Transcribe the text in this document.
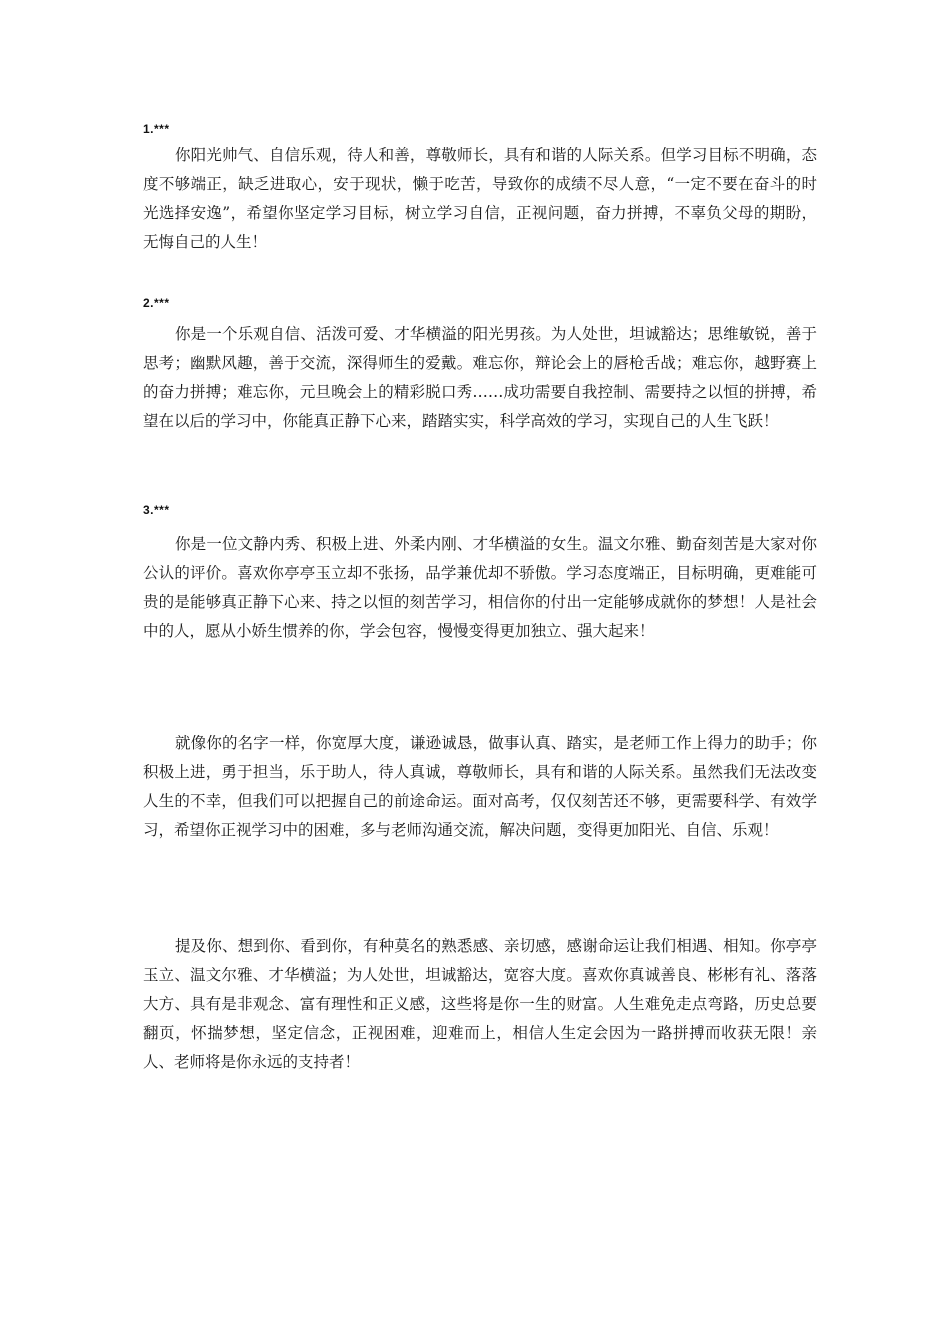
1.***

你阳光帅气、自信乐观，待人和善，尊敬师长，具有和谐的人际关系。但学习目标不明确，态度不够端正，缺乏进取心，安于现状，懒于吃苦，导致你的成绩不尽人意，“一定不要在奋斗的时光选择安逸”，希望你坚定学习目标，树立学习自信，正视问题，奋力拼搏，不辜负父母的期盼，无悔自己的人生！

2.***

你是一个乐观自信、活泼可爱、才华横溢的阳光男孩。为人处世，坦诚豁达；思维敏锐，善于思考；幽默风趣，善于交流，深得师生的爱戴。难忘你，辩论会上的唇枪舌战；难忘你，越野赛上的奋力拼搏；难忘你，元旦晚会上的精彩脱口秀……成功需要自我控制、需要持之以恒的拼搏，希望在以后的学习中，你能真正静下心来，踏踏实实，科学高效的学习，实现自己的人生飞跃！

3.***

你是一位文静内秀、积极上进、外柔内刚、才华横溢的女生。温文尔雅、勤奋刻苦是大家对你公认的评价。喜欢你亭亭玉立却不张扬，品学兼优却不骄傲。学习态度端正，目标明确，更难能可贵的是能够真正静下心来、持之以恒的刻苦学习，相信你的付出一定能够成就你的梦想！人是社会中的人，愿从小娇生惯养的你，学会包容，慢慢变得更加独立、强大起来！

就像你的名字一样，你宽厚大度，谦逊诚恳，做事认真、踏实，是老师工作上得力的助手；你积极上进，勇于担当，乐于助人，待人真诚，尊敬师长，具有和谐的人际关系。虽然我们无法改变人生的不幸，但我们可以把握自己的前途命运。面对高考，仅仅刻苦还不够，更需要科学、有效学习，希望你正视学习中的困难，多与老师沟通交流，解决问题，变得更加阳光、自信、乐观！

提及你、想到你、看到你，有种莫名的熟悉感、亲切感，感谢命运让我们相遇、相知。你亭亭玉立、温文尔雅、才华横溢；为人处世，坦诚豁达，宽容大度。喜欢你真诚善良、彬彬有礼、落落大方、具有是非观念、富有理性和正义感，这些将是你一生的财富。人生难免走点弯路，历史总要翻页，怀揣梦想，坚定信念，正视困难，迎难而上，相信人生定会因为一路拼搏而收获无限！亲人、老师将是你永远的支持者！
